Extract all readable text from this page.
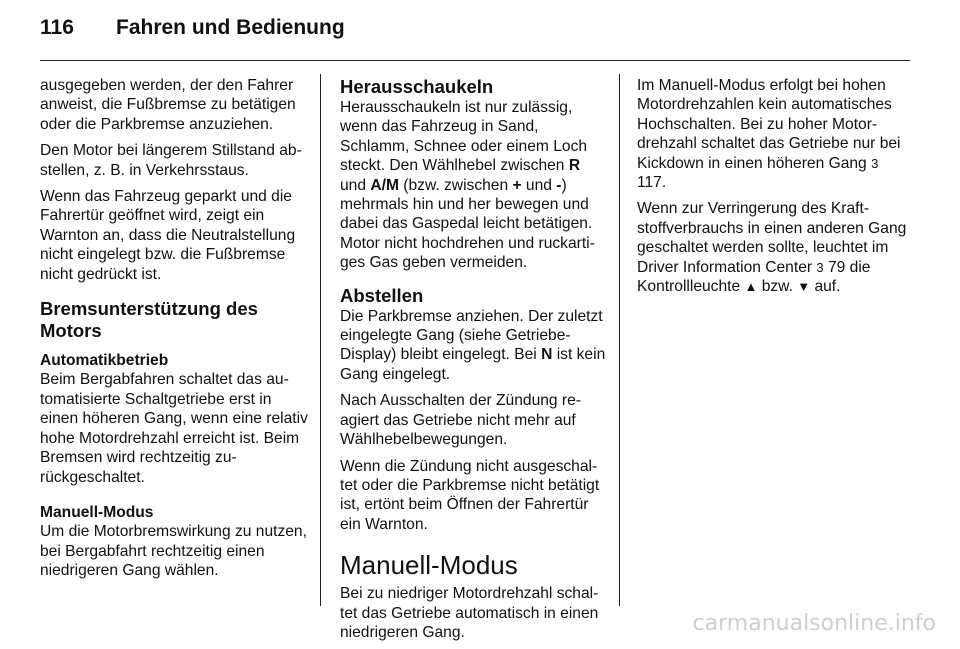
116 Fahren und Bedienung

ausgegeben werden, der den Fahrer anweist, die Fußbremse zu betätigen oder die Parkbremse anzuziehen.

Den Motor bei längerem Stillstand abstellen, z. B. in Verkehrsstaus.

Wenn das Fahrzeug geparkt und die Fahrertür geöffnet wird, zeigt ein Warnton an, dass die Neutralstellung nicht eingelegt bzw. die Fußbremse nicht gedrückt ist.

Bremsunterstützung des Motors
Automatikbetrieb

Beim Bergabfahren schaltet das automatisierte Schaltgetriebe erst in einen höheren Gang, wenn eine relativ hohe Motordrehzahl erreicht ist. Beim Bremsen wird rechtzeitig zurückgeschaltet.

Manuell-Modus

Um die Motorbremswirkung zu nutzen, bei Bergabfahrt rechtzeitig einen niedrigeren Gang wählen.

Herausschaukeln

Herausschaukeln ist nur zulässig, wenn das Fahrzeug in Sand, Schlamm, Schnee oder einem Loch steckt. Den Wählhebel zwischen R und A/M (bzw. zwischen + und -) mehrmals hin und her bewegen und dabei das Gaspedal leicht betätigen. Motor nicht hochdrehen und ruckartiges Gas geben vermeiden.

Abstellen

Die Parkbremse anziehen. Der zuletzt eingelegte Gang (siehe Getriebe-Display) bleibt eingelegt. Bei N ist kein Gang eingelegt.

Nach Ausschalten der Zündung reagiert das Getriebe nicht mehr auf Wählhebelbewegungen.

Wenn die Zündung nicht ausgeschaltet oder die Parkbremse nicht betätigt ist, ertönt beim Öffnen der Fahrertür ein Warnton.

Manuell-Modus

Bei zu niedriger Motordrehzahl schaltet das Getriebe automatisch in einen niedrigeren Gang.

Im Manuell-Modus erfolgt bei hohen Motordrehzahlen kein automatisches Hochschalten. Bei zu hoher Motordrehzahl schaltet das Getriebe nur bei Kickdown in einen höheren Gang 3 117.

Wenn zur Verringerung des Kraftstoffverbrauchs in einen anderen Gang geschaltet werden sollte, leuchtet im Driver Information Center 3 79 die Kontrollleuchte ▲ bzw. ▼ auf.

carmanualsonline.info
